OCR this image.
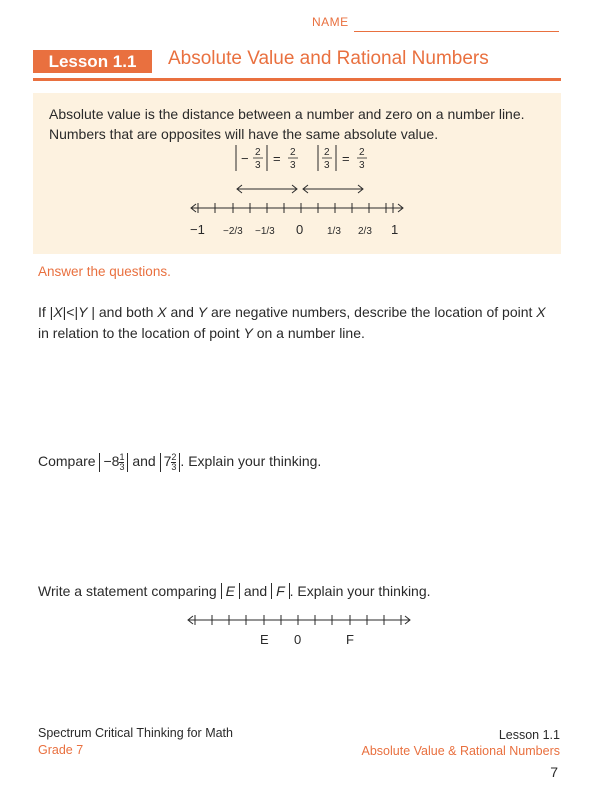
NAME
Lesson 1.1	Absolute Value and Rational Numbers
Absolute value is the distance between a number and zero on a number line.
Numbers that are opposites will have the same absolute value.
− 2
3 = 2
3
2
3 = 2
3
−1 −2/3 −1/3 0 1/3 2/3 1
Answer the questions.
If |X|<|Y | and both X and Y are negative numbers, describe the location of point X
in relation to the location of point Y on a number line.
Compare $-8 \frac{1}{3}$ and $7 \frac{2}{3}$ . Explain your thinking.
Write a statement comparing E and F . Explain your thinking.
E 0	F
Spectrum Critical Thinking for Math
Grade 7
Lesson 1.1
Absolute Value & Rational Numbers
7
